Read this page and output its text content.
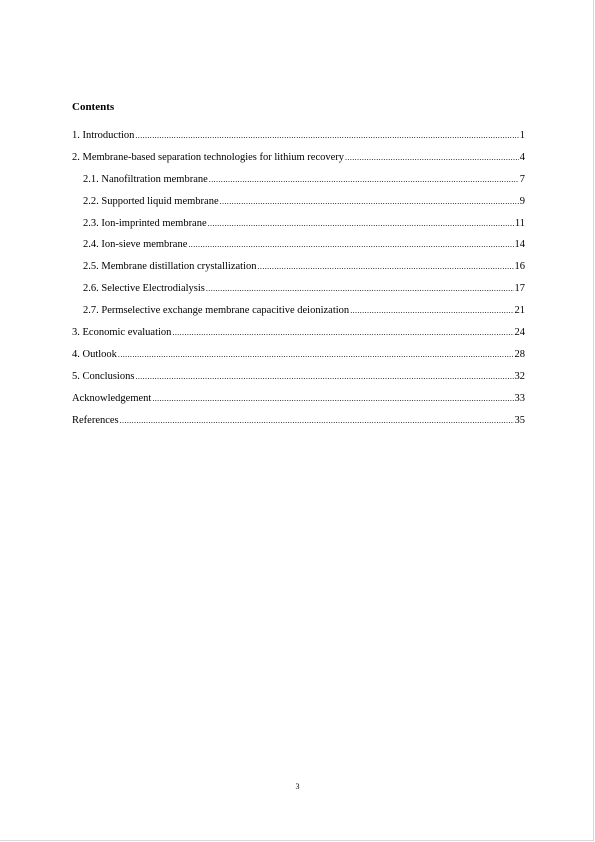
Contents
1. Introduction .....	1
2. Membrane-based separation technologies for lithium recovery .....	4
2.1. Nanofiltration membrane .....	7
2.2. Supported liquid membrane .....	9
2.3. Ion-imprinted membrane .....	11
2.4. Ion-sieve membrane .....	14
2.5. Membrane distillation crystallization .....	16
2.6. Selective Electrodialysis .....	17
2.7. Permselective exchange membrane capacitive deionization .....	21
3. Economic evaluation .....	24
4. Outlook .....	28
5. Conclusions .....	32
Acknowledgement .....	33
References .....	35
3
